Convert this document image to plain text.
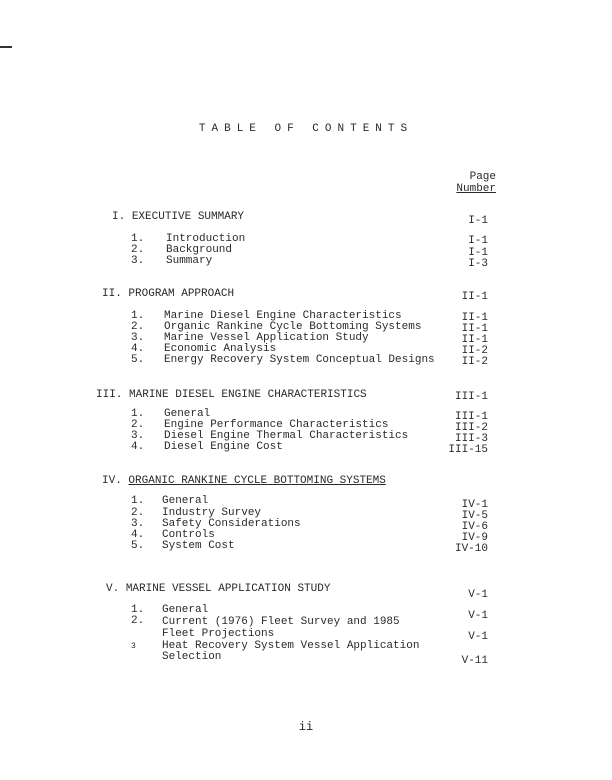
TABLE OF CONTENTS
Page
Number
I. EXECUTIVE SUMMARY	I-1
1. Introduction	I-1
2. Background	I-1
3. Summary	I-3
II. PROGRAM APPROACH	II-1
1. Marine Diesel Engine Characteristics	II-1
2. Organic Rankine Cycle Bottoming Systems	II-1
3. Marine Vessel Application Study	II-1
4. Economic Analysis	II-2
5. Energy Recovery System Conceptual Designs	II-2
III. MARINE DIESEL ENGINE CHARACTERISTICS	III-1
1. General	III-1
2. Engine Performance Characteristics	III-2
3. Diesel Engine Thermal Characteristics	III-3
4. Diesel Engine Cost	III-15
IV. ORGANIC RANKINE CYCLE BOTTOMING SYSTEMS
1. General	IV-1
2. Industry Survey	IV-5
3. Safety Considerations	IV-6
4. Controls	IV-9
5. System Cost	IV-10
V. MARINE VESSEL APPLICATION STUDY	V-1
1. General	V-1
2. Current (1976) Fleet Survey and 1985
Fleet Projections	V-1
3 Heat Recovery System Vessel Application
Selection	V-11
ii
